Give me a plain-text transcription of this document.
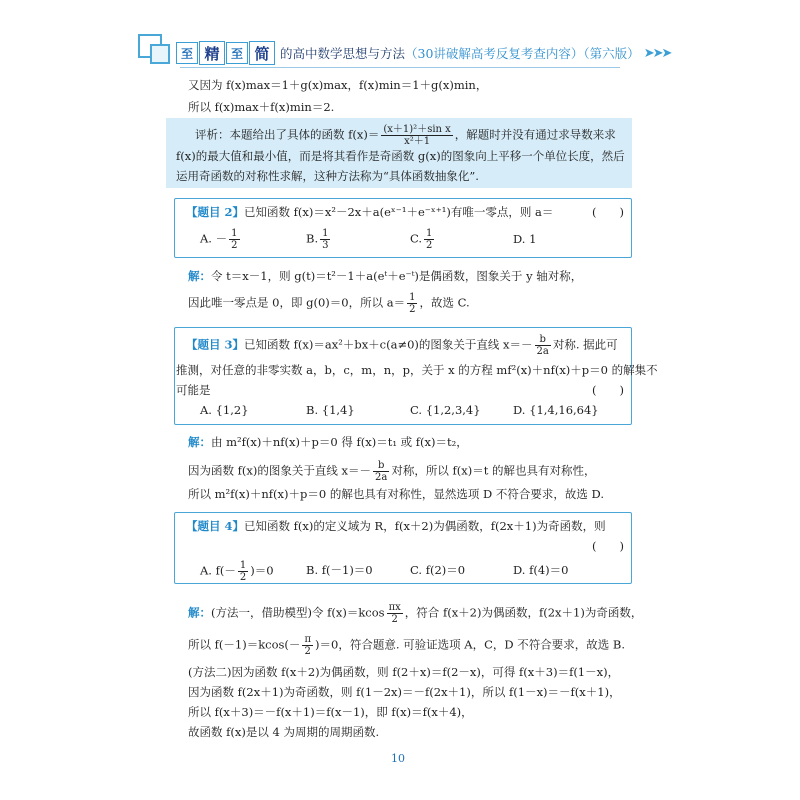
至 精 至 简 的高中数学思想与方法 （30讲破解高考反复考查内容）（第六版） ➤➤➤
又因为 f(x)max＝1＋g(x)max，f(x)min＝1＋g(x)min，
所以 f(x)max＋f(x)min＝2.
评析：本题给出了具体的函数 $f(x)= \frac{\text{(x＋1)²＋sin x}}{\text{x²＋1}}$ ，解题时并没有通过求导数来求
f(x)的最大值和最小值，而是将其看作是奇函数 g(x)的图象向上平移一个单位长度，然后
运用奇函数的对称性求解，这种方法称为“具体函数抽象化”.
【题目 2】已知函数 f(x)＝x²－2x＋a(eˣ⁻¹＋e⁻ˣ⁺¹)有唯一零点，则 a＝	(　　)
A. － $\frac{1}{2}$	B. $\frac{1}{3}$	C. $\frac{1}{2}$	D. 1
解：令 t＝x－1，则 g(t)＝t²－1＋a(eᵗ＋e⁻ᵗ)是偶函数，图象关于 y 轴对称，
因此唯一零点是 0，即 g(0)＝0，所以 $a= \frac{1}{2}$ ，故选 C.
【题目 3】已知函数 f(x)＝ax²＋bx＋c(a≠0)的图象关于直线 $x=- \frac{b}{2a}$ 对称. 据此可
推测，对任意的非零实数 a，b，c，m，n，p，关于 x 的方程 mf²(x)＋nf(x)＋p＝0 的解集不
可能是	(　　)
A. {1,2}	B. {1,4}	C. {1,2,3,4}	D. {1,4,16,64}
解：由 m²f(x)＋nf(x)＋p＝0 得 f(x)＝t₁ 或 f(x)＝t₂，
因为函数 f(x)的图象关于直线 $x=- \frac{b}{2a}$ 对称，所以 f(x)＝t 的解也具有对称性，
所以 m²f(x)＋nf(x)＋p＝0 的解也具有对称性，显然选项 D 不符合要求，故选 D.
【题目 4】已知函数 f(x)的定义域为 R，f(x＋2)为偶函数，f(2x＋1)为奇函数，则
(　　)
A. $f(- \frac{1}{2} )=0$	B. f(－1)＝0	C. f(2)＝0	D. f(4)＝0
解：(方法一，借助模型)令 $f(x)=kcos \frac{\pi x}{2}$ ，符合 f(x＋2)为偶函数，f(2x＋1)为奇函数，
所以 $f(-1)=kcos(- \frac{\pi}{2} )=0$，符合题意. 可验证选项 A，C，D 不符合要求，故选 B.
(方法二)因为函数 f(x＋2)为偶函数，则 f(2＋x)＝f(2－x)，可得 f(x＋3)＝f(1－x)，
因为函数 f(2x＋1)为奇函数，则 f(1－2x)＝－f(2x＋1)，所以 f(1－x)＝－f(x＋1)，
所以 f(x＋3)＝－f(x＋1)＝f(x－1)，即 f(x)＝f(x＋4)，
故函数 f(x)是以 4 为周期的周期函数.
10
